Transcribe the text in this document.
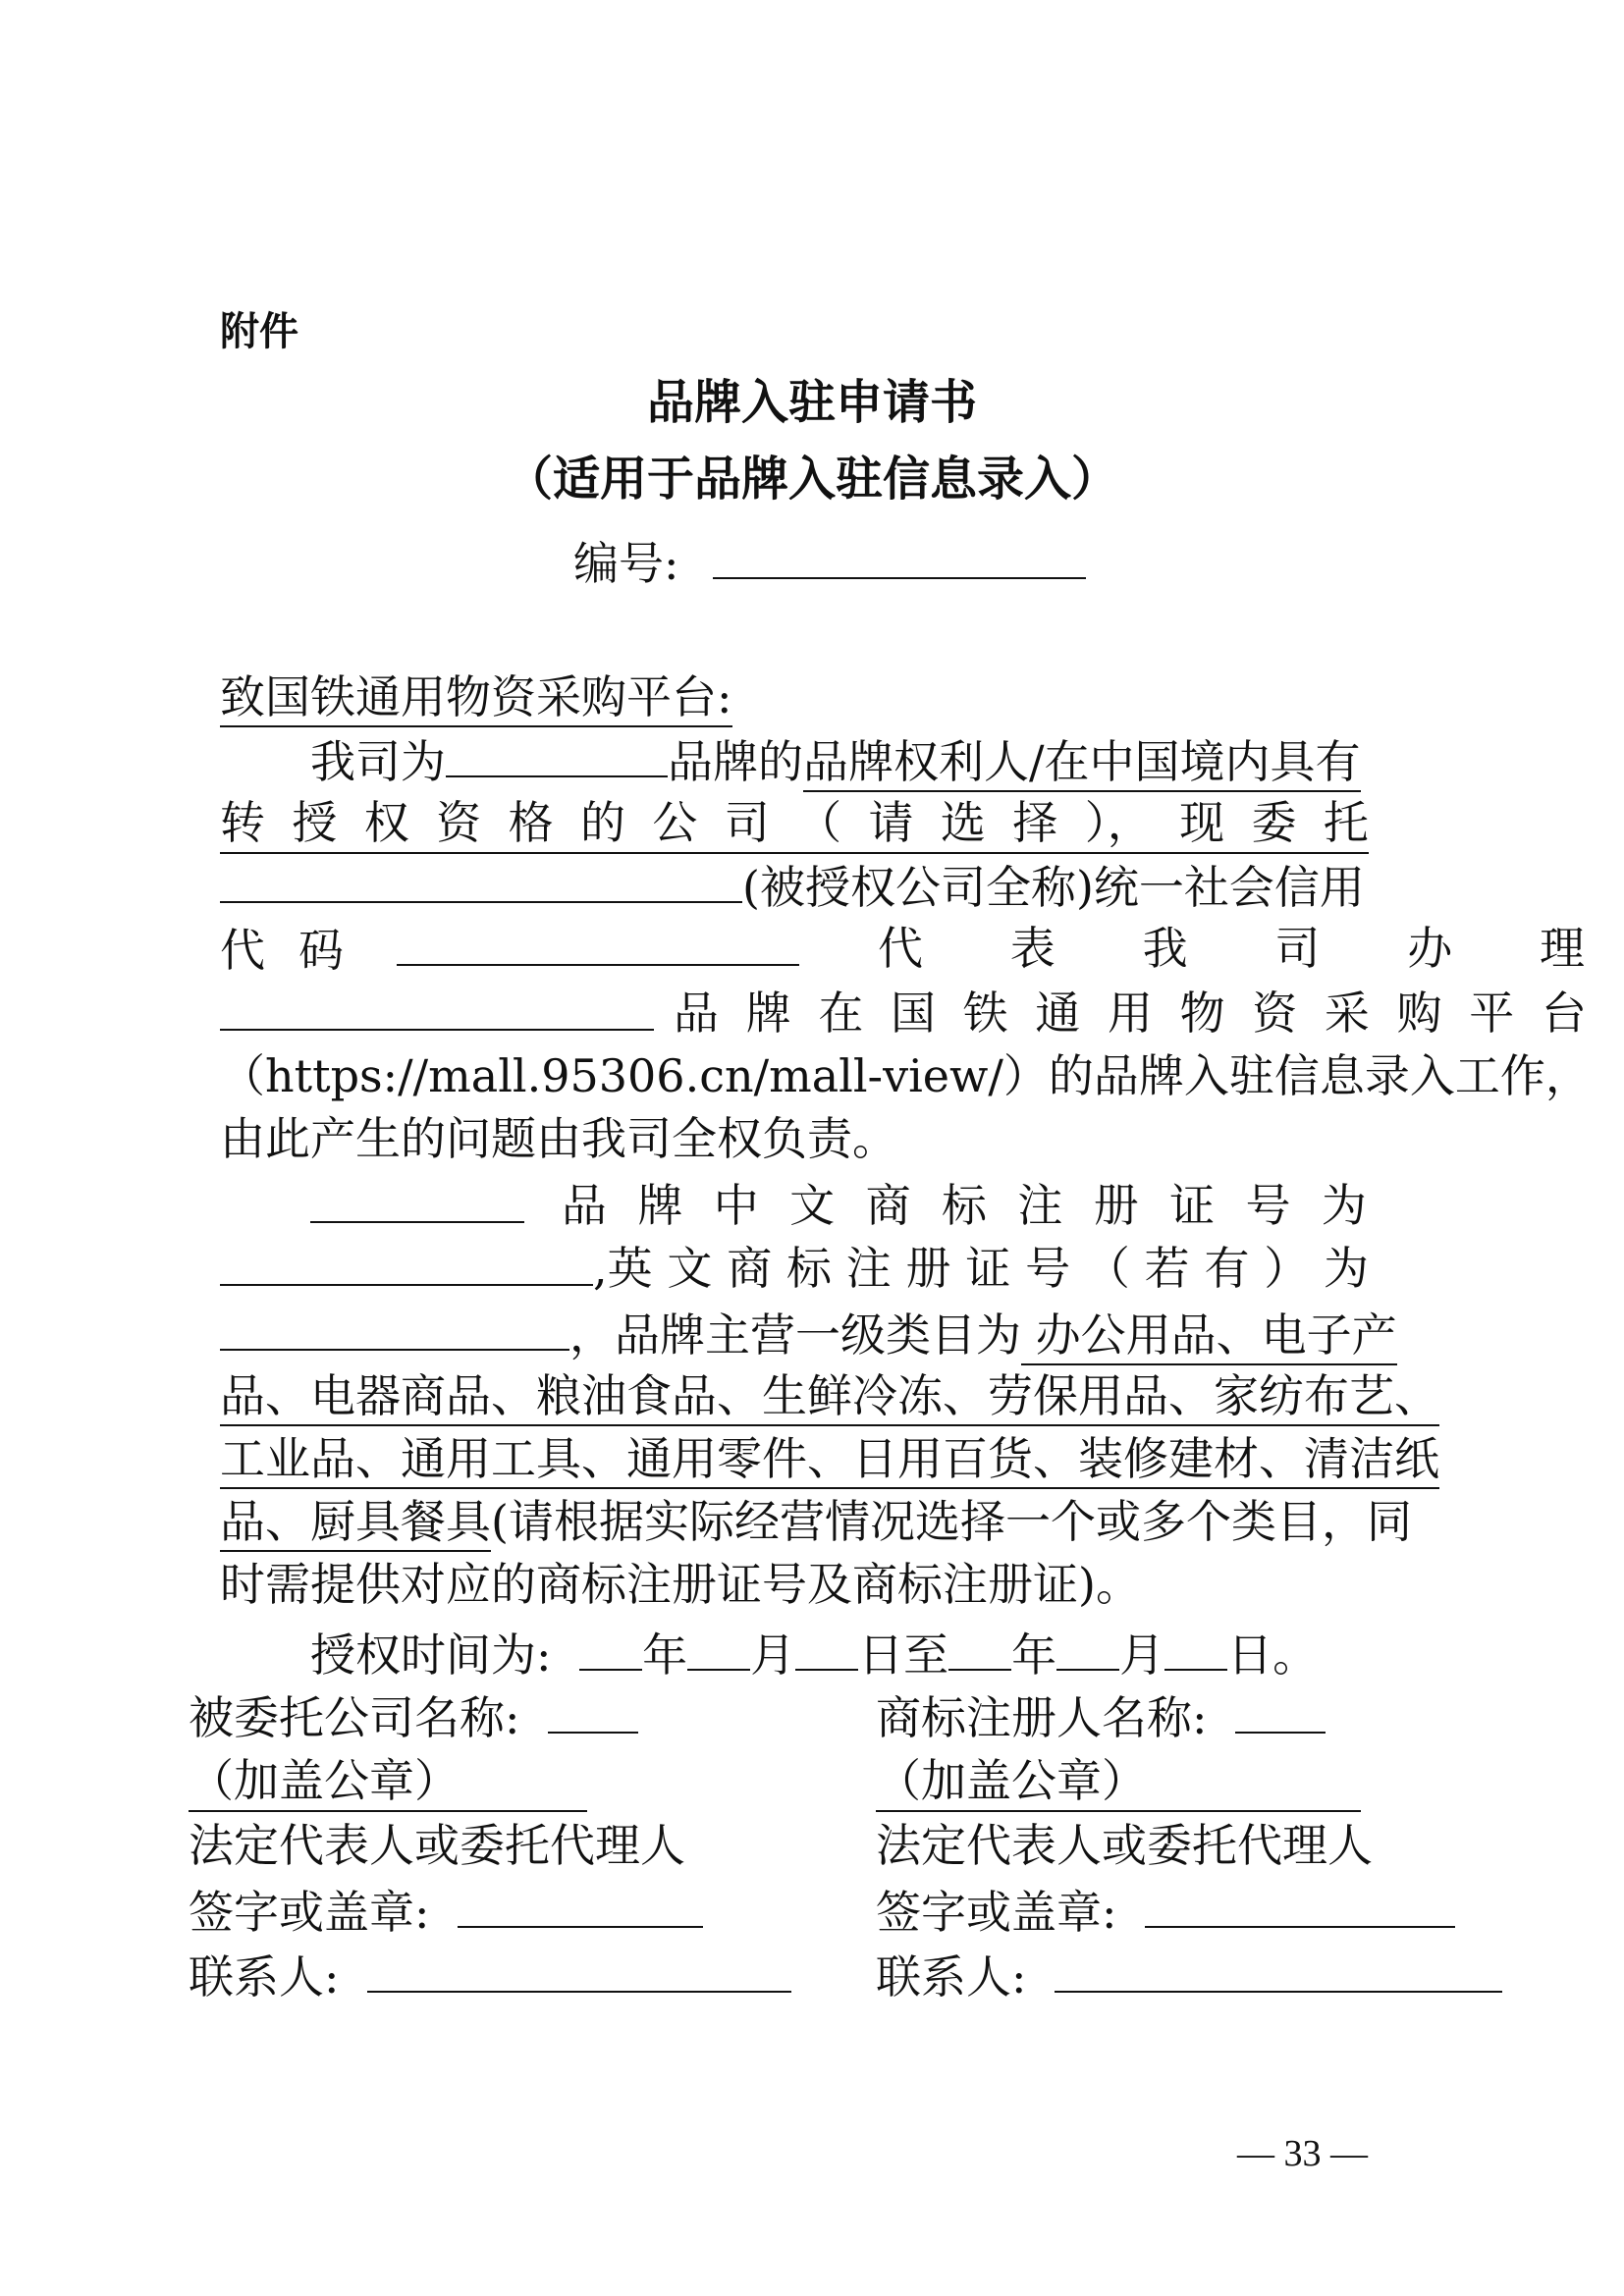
附件
品牌入驻申请书
（适用于品牌入驻信息录入）
编号:
致国铁通用物资采购平台:
我司为	品牌的品牌权利人/在中国境内具有
转 授 权 资 格 的 公 司 （ 请 选 择 ）， 现 委 托
(被授权公司全称)统一社会信用
代 码	代 表 我 司 办 理
品 牌 在 国 铁 通 用 物 资 采 购 平 台
（https://mall.95306.cn/mall-view/）的品牌入驻信息录入工作，
由此产生的问题由我司全权负责。
品 牌 中 文 商 标 注 册 证 号 为
,英 文 商 标 注 册 证 号 （ 若 有 ） 为
，品牌主营一级类目为 办公用品、电子产
品、电器商品、粮油食品、生鲜冷冻、劳保用品、家纺布艺、
工业品、通用工具、通用零件、日用百货、装修建材、清洁纸
品、厨具餐具(请根据实际经营情况选择一个或多个类目，同
时需提供对应的商标注册证号及商标注册证)。
授权时间为: 年 月 日至 年 月 日。
被委托公司名称:
（加盖公章）
法定代表人或委托代理人
签字或盖章:
联系人:
商标注册人名称:
（加盖公章）
法定代表人或委托代理人
签字或盖章:
联系人:
— 33 —
